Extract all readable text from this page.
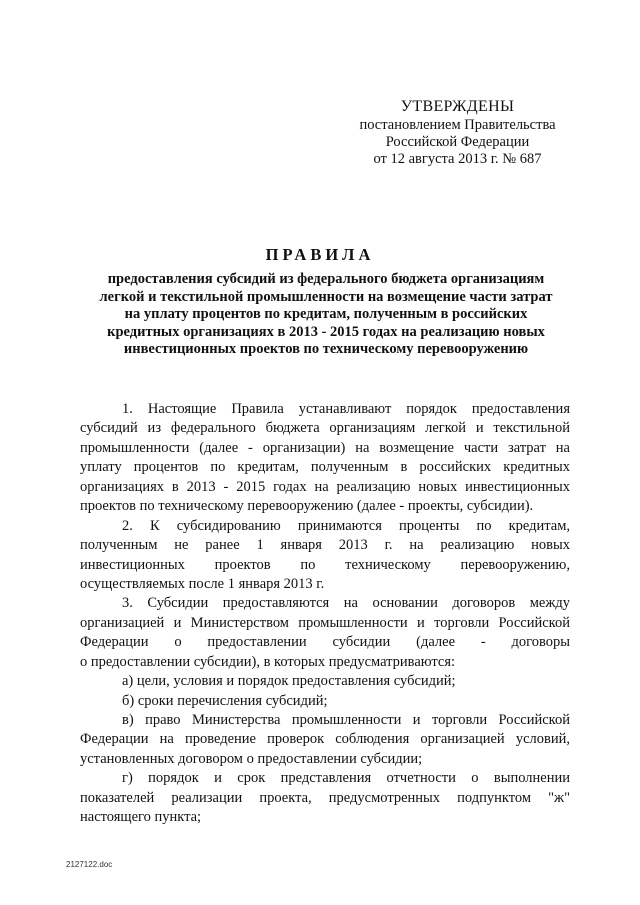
УТВЕРЖДЕНЫ
постановлением Правительства
Российской Федерации
от 12 августа 2013 г. № 687
ПРАВИЛА
предоставления субсидий из федерального бюджета организациям
легкой и текстильной промышленности на возмещение части затрат
на уплату процентов по кредитам, полученным в российских
кредитных организациях в 2013 - 2015 годах на реализацию новых
инвестиционных проектов по техническому перевооружению
1. Настоящие Правила устанавливают порядок предоставления
субсидий из федерального бюджета организациям легкой и текстильной
промышленности (далее - организации) на возмещение части затрат на
уплату процентов по кредитам, полученным в российских кредитных
организациях в 2013 - 2015 годах на реализацию новых инвестиционных
проектов по техническому перевооружению (далее - проекты, субсидии).
2. К субсидированию принимаются проценты по кредитам,
полученным не ранее 1 января 2013 г. на реализацию новых
инвестиционных проектов по техническому перевооружению,
осуществляемых после 1 января 2013 г.
3. Субсидии предоставляются на основании договоров между
организацией и Министерством промышленности и торговли Российской
Федерации о предоставлении субсидии (далее - договоры
о предоставлении субсидии), в которых предусматриваются:
а) цели, условия и порядок предоставления субсидий;
б) сроки перечисления субсидий;
в) право Министерства промышленности и торговли Российской
Федерации на проведение проверок соблюдения организацией условий,
установленных договором о предоставлении субсидии;
г) порядок и срок представления отчетности о выполнении
показателей реализации проекта, предусмотренных подпунктом "ж"
настоящего пункта;
2127122.doc
